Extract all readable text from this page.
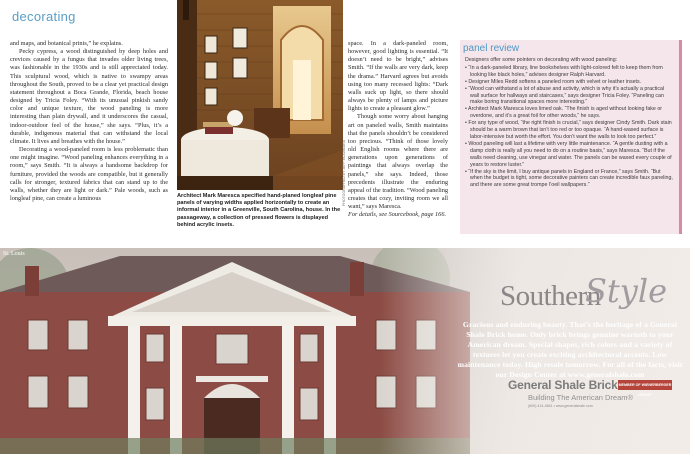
decorating

and maps, and botanical prints,” he explains.

Pecky cypress, a wood distinguished by deep holes and crevices caused by a fungus that invades older living trees, was fashionable in the 1930s and is still appreciated today. This sculptural wood, which is native to swampy areas throughout the South, proved to be a clear yet practical design statement throughout a Boca Grande, Florida, beach house designed by Tricia Foley. “With its unusual pinkish sandy color and unique texture, the wood paneling is more interesting than plain drywall, and it underscores the casual, indoor-outdoor feel of the house,” she says. “Plus, it’s a durable, indigenous material that can withstand the local climate. It lives and breathes with the house.”

Decorating a wood-paneled room is less problematic than one might imagine. “Wood paneling enhances everything in a room,” says Smith. “It is always a handsome backdrop for furniture, provided the woods are compatible, but it generally calls for stronger, textured fabrics that can stand up to the walls, whether they are light or dark.” Pale woods, such as longleaf pine, can create a luminous	PHOTOGRAPHED BY JEFF MCNAMARA
Architect Mark Maresca specified hand-planed longleaf pine panels of varying widths applied horizontally to create an informal interior in a Greenville, South Carolina, house. In the passageway, a collection of pressed flowers is displayed behind acrylic insets.

space. In a dark-paneled room, however, good lighting is essential. “It doesn’t need to be bright,” advises Smith. “If the walls are very dark, keep the drama.” Harvard agrees but avoids using too many recessed lights: “Dark walls suck up light, so there should always be plenty of lamps and picture lights to create a pleasant glow.”

Though some worry about hanging art on paneled walls, Smith maintains that the panels shouldn’t be considered too precious. “Think of those lovely old English rooms where there are generations upon generations of paintings that always overlap the panels,” she says. Indeed, those precedents illustrate the enduring appeal of the tradition. “Wood paneling creates that cozy, inviting room we all want,” says Maresca.

For details, see Sourcebook, page 166.

panel review
Designers offer some pointers on decorating with wood paneling:
• “In a dark-paneled library, line bookshelves with light-colored felt to keep them from looking like black holes,” advises designer Ralph Harvard.
• Designer Miles Redd softens a paneled room with velvet or leather insets.
• “Wood can withstand a lot of abuse and activity, which is why it’s actually a practical wall surface for hallways and staircases,” says designer Tricia Foley. “Paneling can make boring transitional spaces more interesting.”
• Architect Mark Maresca loves limed oak. “The finish is aged without looking fake or overdone, and it’s a great foil for other woods,” he says.
• For any type of wood, “the right finish is crucial,” says designer Cindy Smith. Dark stain should be a warm brown that isn’t too red or too opaque. “A hand-waxed surface is labor-intensive but worth the effort. You don’t want the walls to look too perfect.”
• Wood paneling will last a lifetime with very little maintenance. “A gentle dusting with a damp cloth is really all you need to do on a routine basis,” says Maresca. “But if the walls need cleaning, use vinegar and water. The panels can be waxed every couple of years to restore luster.”
• “If the sky is the limit, I buy antique panels in England or France,” says Smith. “But when the budget is tight, some decorative painters can create incredible faux paneling, and there are some great trompe l’oeil wallpapers.”
St. Louis
Southern
Style
Gracious and enduring beauty. That’s the heritage of a General Shale Brick home. Only brick brings genuine warmth to your American dream. Special shapes, rich colors and a variety of textures let you create exciting architectural accents. Low maintenance today. High resale tomorrow. For all of the facts, visit our Design Center at www.generalshale.com
General Shale Brick MEMBER OF WIENERBERGER GROUP
Building The American Dream®
(800) 414-4661 • www.generalshale.com
